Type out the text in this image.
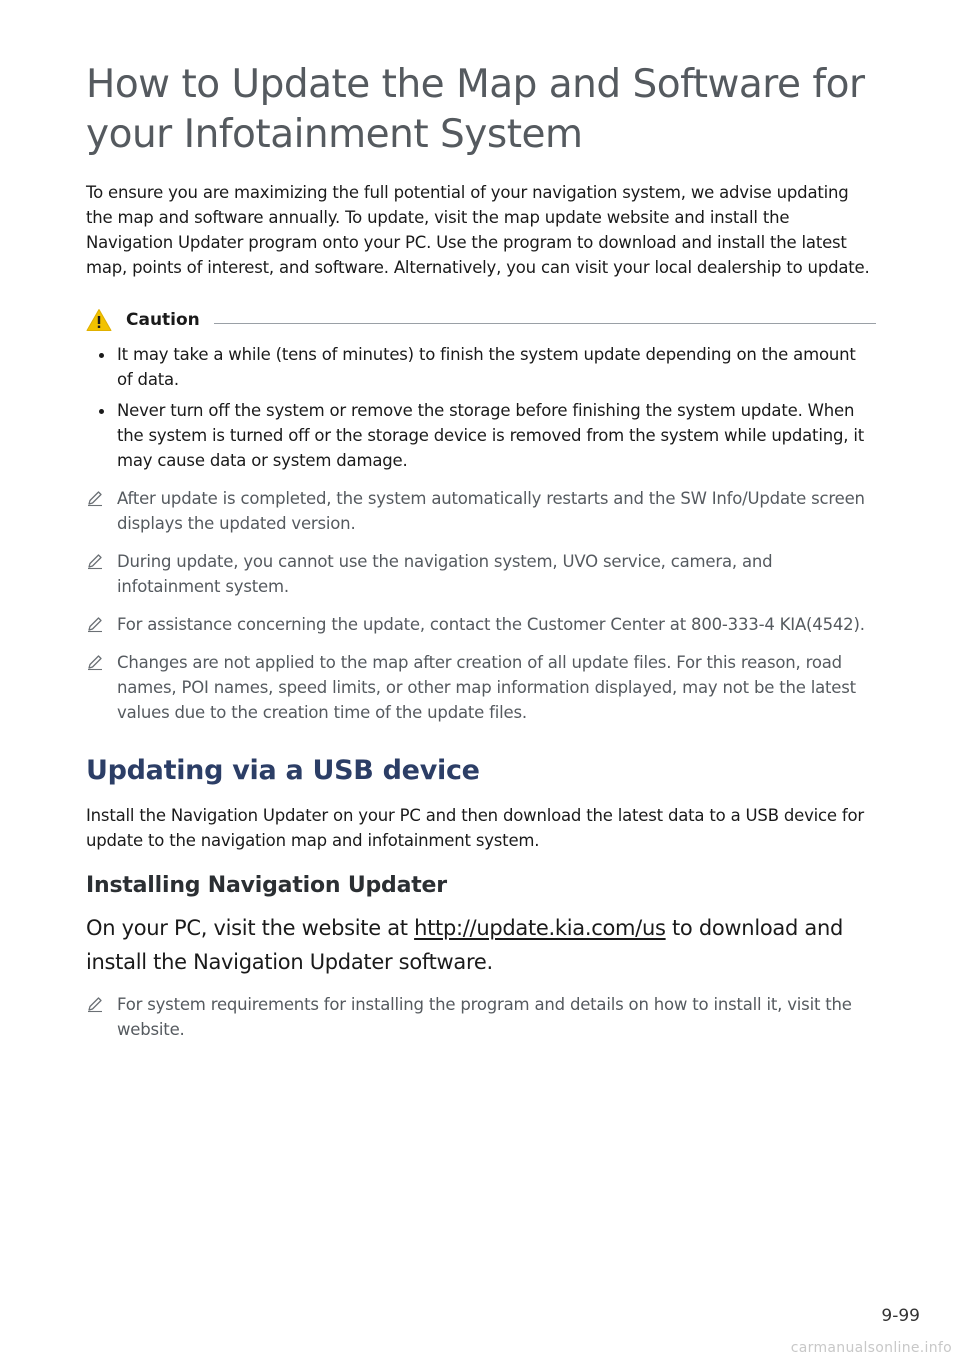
How to Update the Map and Software for
your Infotainment System

To ensure you are maximizing the full potential of your navigation system, we advise updating the map and software annually. To update, visit the map update website and install the Navigation Updater program onto your PC. Use the program to download and install the latest map, points of interest, and software. Alternatively, you can visit your local dealership to update.

Caution
It may take a while (tens of minutes) to finish the system update depending on the amount of data.
Never turn off the system or remove the storage before finishing the system update. When the system is turned off or the storage device is removed from the system while updating, it may cause data or system damage.
After update is completed, the system automatically restarts and the SW Info/Update screen displays the updated version.
During update, you cannot use the navigation system, UVO service, camera, and infotainment system.
For assistance concerning the update, contact the Customer Center at 800-333-4 KIA(4542).
Changes are not applied to the map after creation of all update files. For this reason, road names, POI names, speed limits, or other map information displayed, may not be the latest values due to the creation time of the update files.
Updating via a USB device

Install the Navigation Updater on your PC and then download the latest data to a USB device for update to the navigation map and infotainment system.

Installing Navigation Updater

On your PC, visit the website at http://update.kia.com/us to download and install the Navigation Updater software.

For system requirements for installing the program and details on how to install it, visit the website.
9-99
carmanualsonline.info
